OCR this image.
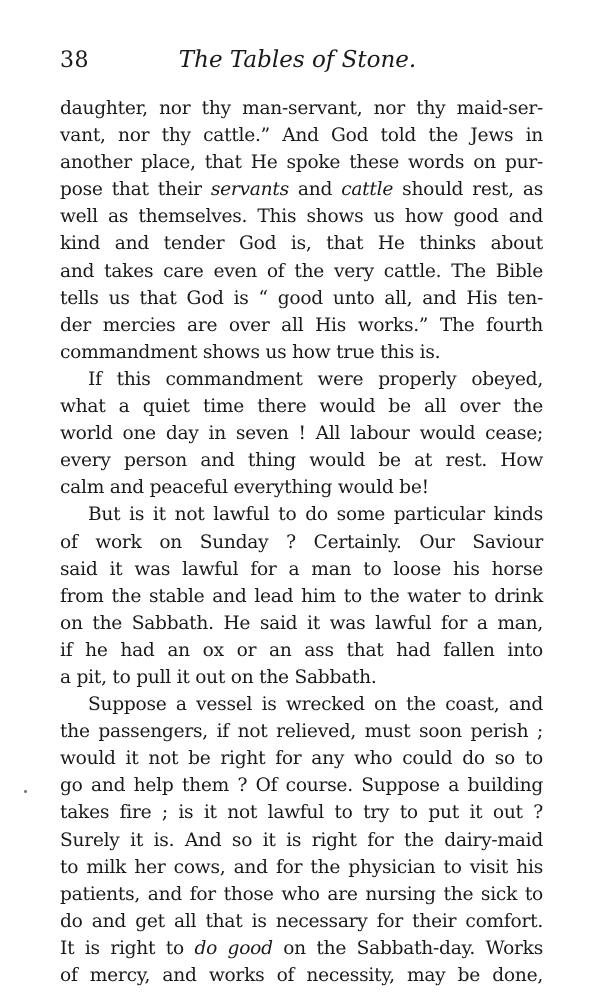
38	The Tables of Stone.
daughter, nor thy man-servant, nor thy maid-ser-
vant, nor thy cattle.” And God told the Jews in
another place, that He spoke these words on pur-
pose that their servants and cattle should rest, as
well as themselves. This shows us how good and
kind and tender God is, that He thinks about
and takes care even of the very cattle. The Bible
tells us that God is “ good unto all, and His ten-
der mercies are over all His works.” The fourth
commandment shows us how true this is.
If this commandment were properly obeyed,
what a quiet time there would be all over the
world one day in seven ! All labour would cease;
every person and thing would be at rest. How
calm and peaceful everything would be!
But is it not lawful to do some particular kinds
of work on Sunday ? Certainly. Our Saviour
said it was lawful for a man to loose his horse
from the stable and lead him to the water to drink
on the Sabbath. He said it was lawful for a man,
if he had an ox or an ass that had fallen into
a pit, to pull it out on the Sabbath.
Suppose a vessel is wrecked on the coast, and
the passengers, if not relieved, must soon perish ;
would it not be right for any who could do so to
go and help them ? Of course. Suppose a building
takes fire ; is it not lawful to try to put it out ?
Surely it is. And so it is right for the dairy-maid
to milk her cows, and for the physician to visit his
patients, and for those who are nursing the sick to
do and get all that is necessary for their comfort.
It is right to do good on the Sabbath-day. Works
of mercy, and works of necessity, may be done,
